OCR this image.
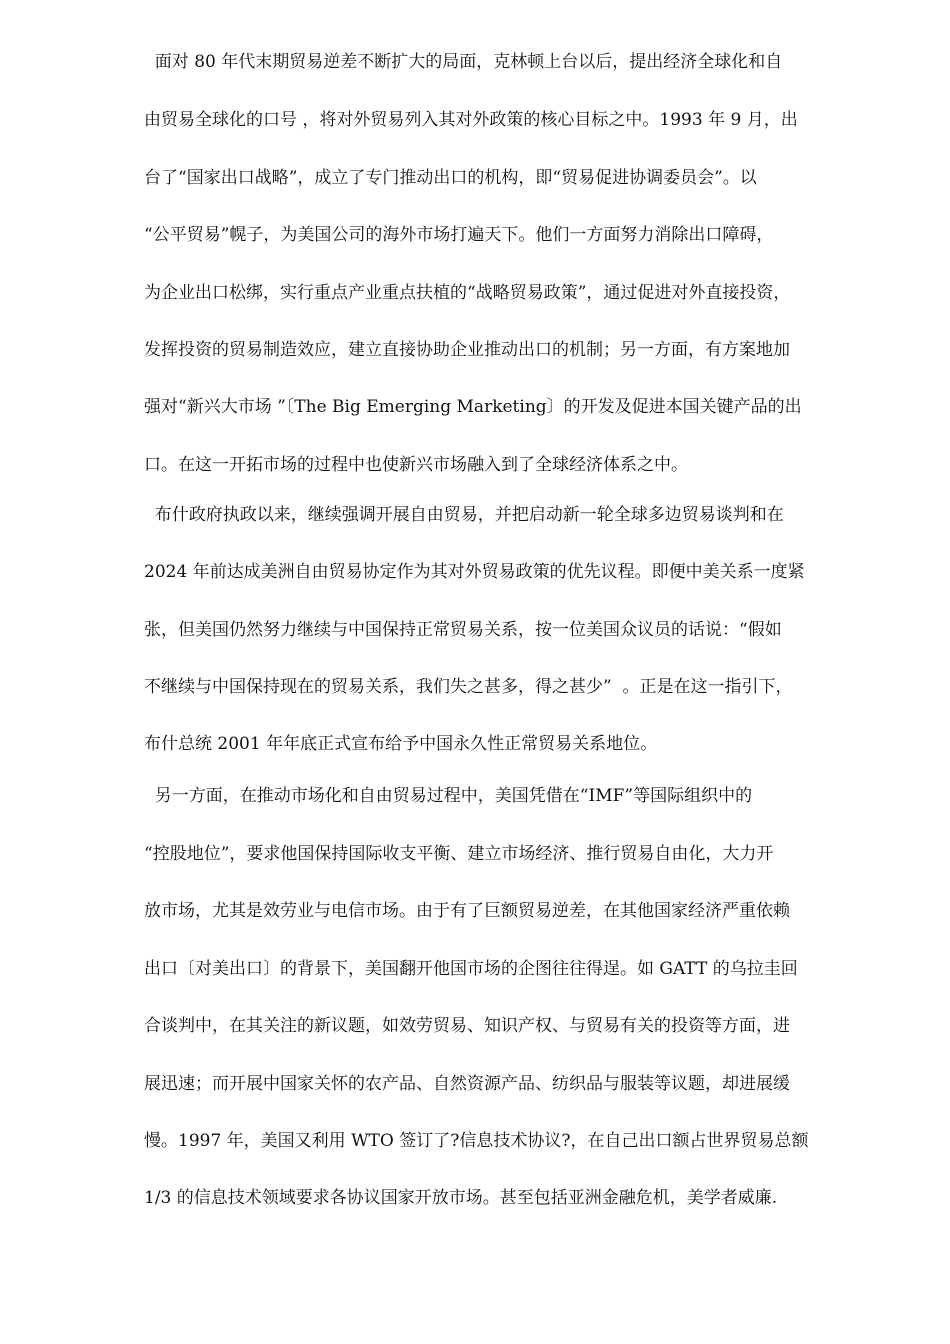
面对 80 年代末期贸易逆差不断扩大的局面，克林顿上台以后，提出经济全球化和自
由贸易全球化的口号 ，将对外贸易列入其对外政策的核心目标之中。1993 年 9 月，出
台了“国家出口战略”，成立了专门推动出口的机构，即“贸易促进协调委员会”。以
“公平贸易”幌子，为美国公司的海外市场打遍天下。他们一方面努力消除出口障碍，
为企业出口松绑，实行重点产业重点扶植的“战略贸易政策”，通过促进对外直接投资，
发挥投资的贸易制造效应，建立直接协助企业推动出口的机制；另一方面，有方案地加
强对“新兴大市场 ”〔The Big Emerging Marketing〕的开发及促进本国关键产品的出
口。在这一开拓市场的过程中也使新兴市场融入到了全球经济体系之中。
布什政府执政以来，继续强调开展自由贸易，并把启动新一轮全球多边贸易谈判和在
2024 年前达成美洲自由贸易协定作为其对外贸易政策的优先议程。即便中美关系一度紧
张，但美国仍然努力继续与中国保持正常贸易关系，按一位美国众议员的话说：“假如
不继续与中国保持现在的贸易关系，我们失之甚多，得之甚少”  。正是在这一指引下，
布什总统 2001 年年底正式宣布给予中国永久性正常贸易关系地位。
另一方面，在推动市场化和自由贸易过程中，美国凭借在“IMF”等国际组织中的
“控股地位”，要求他国保持国际收支平衡、建立市场经济、推行贸易自由化，大力开
放市场，尤其是效劳业与电信市场。由于有了巨额贸易逆差，在其他国家经济严重依赖
出口〔对美出口〕的背景下，美国翻开他国市场的企图往往得逞。如 GATT 的乌拉圭回
合谈判中，在其关注的新议题，如效劳贸易、知识产权、与贸易有关的投资等方面，进
展迅速；而开展中国家关怀的农产品、自然资源产品、纺织品与服装等议题，却进展缓
慢。1997 年，美国又利用 WTO 签订了?信息技术协议?，在自己出口额占世界贸易总额
1/3 的信息技术领域要求各协议国家开放市场。甚至包括亚洲金融危机，美学者威廉.
